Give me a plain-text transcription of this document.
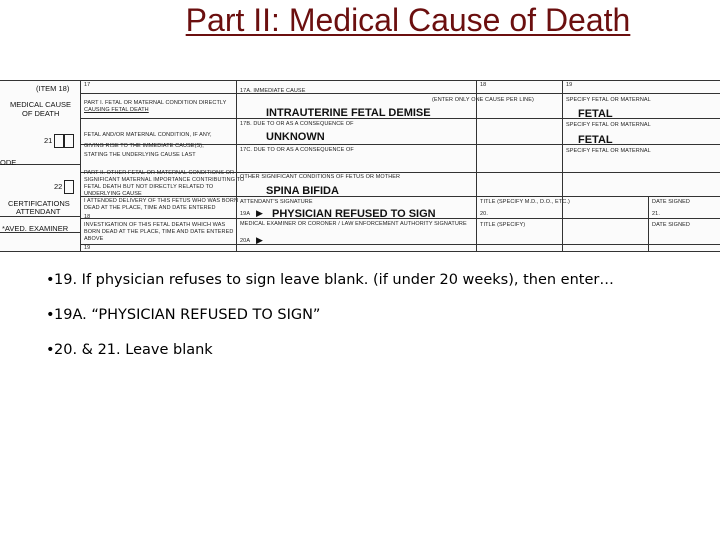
Part II: Medical Cause of Death
(ITEM 18)
MEDICAL CAUSE
OF DEATH
21
ODE
22
CERTIFICATIONS
ATTENDANT
*AVED. EXAMINER
17
PART I. FETAL OR MATERNAL CONDITION DIRECTLY
CAUSING FETAL DEATH
FETAL AND/OR MATERNAL CONDITION, IF ANY,
GIVING RISE TO THE IMMEDIATE CAUSE(S),
STATING THE UNDERLYING CAUSE LAST
PART II. OTHER FETAL OR MATERNAL CONDITIONS OR
SIGNIFICANT MATERNAL IMPORTANCE CONTRIBUTING TO
FETAL DEATH BUT NOT DIRECTLY RELATED TO
UNDERLYING CAUSE
I ATTENDED DELIVERY OF THIS FETUS WHO WAS BORN
DEAD AT THE PLACE, TIME AND DATE ENTERED
18
INVESTIGATION OF THIS FETAL DEATH WHICH WAS
BORN DEAD AT THE PLACE, TIME AND DATE ENTERED
ABOVE
19
17A. IMMEDIATE CAUSE
(ENTER ONLY ONE CAUSE PER LINE)
INTRAUTERINE FETAL DEMISE
17B. DUE TO OR AS A CONSEQUENCE OF
UNKNOWN
17C. DUE TO OR AS A CONSEQUENCE OF
OTHER SIGNIFICANT CONDITIONS OF FETUS OR MOTHER
SPINA BIFIDA
ATTENDANT'S SIGNATURE
19A ▶ PHYSICIAN REFUSED TO SIGN
MEDICAL EXAMINER OR CORONER / LAW ENFORCEMENT AUTHORITY SIGNATURE
20A ▶
18
TITLE (SPECIFY M.D., D.O., ETC.)
20.
TITLE (SPECIFY)
19
SPECIFY FETAL OR MATERNAL
FETAL
SPECIFY FETAL OR MATERNAL
FETAL
SPECIFY FETAL OR MATERNAL
DATE SIGNED
21.
DATE SIGNED
•19. If physician refuses to sign leave blank. (if under 20 weeks), then enter…
•19A. “PHYSICIAN REFUSED TO SIGN”
•20. & 21. Leave blank
